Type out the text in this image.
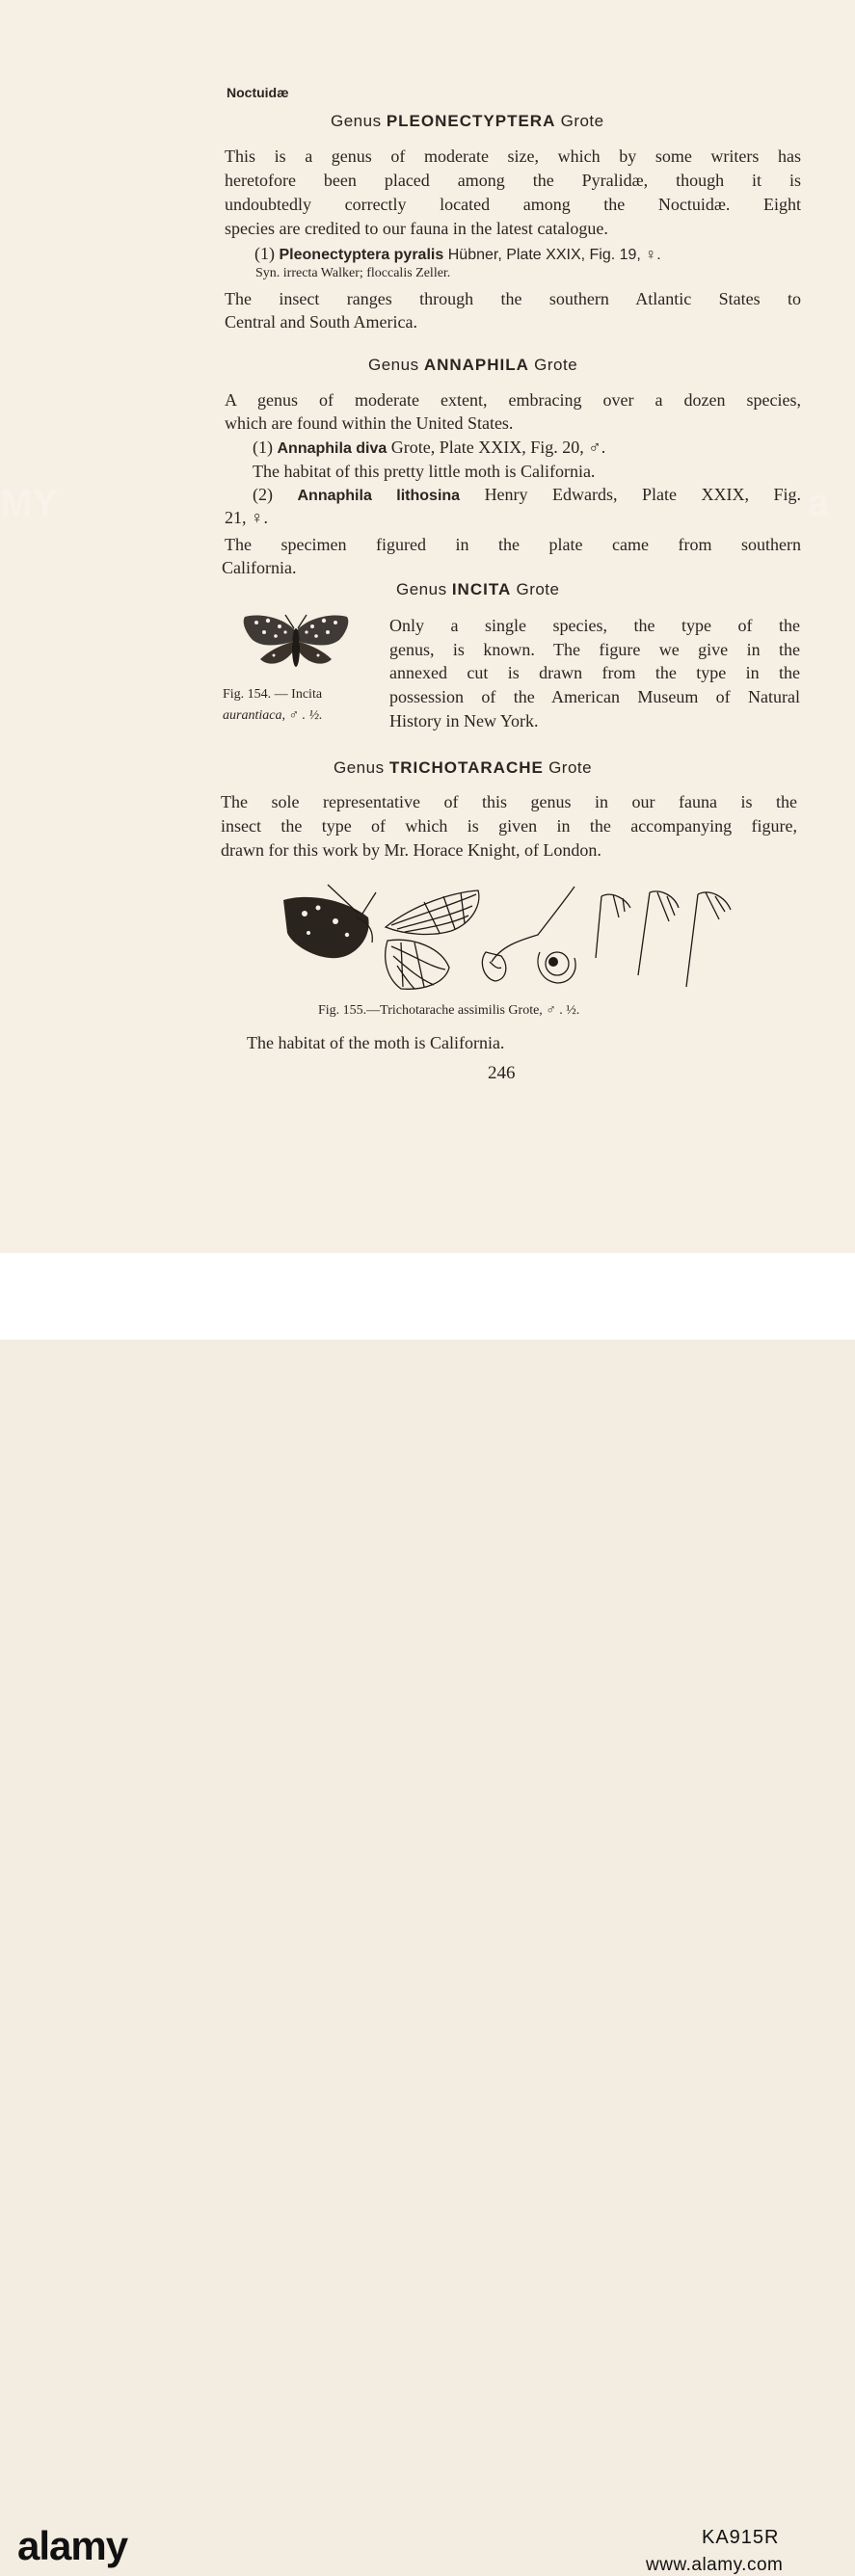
Noctuidæ
Genus PLEONECTYPTERA Grote
This is a genus of moderate size, which by some writers has
heretofore been placed among the Pyralidæ, though it is
undoubtedly correctly located among the Noctuidæ. Eight
species are credited to our fauna in the latest catalogue.
(1) Pleonectyptera pyralis Hübner, Plate XXIX, Fig. 19, ♀.
Syn. irrecta Walker; floccalis Zeller.
The insect ranges through the southern Atlantic States to
Central and South America.
Genus ANNAPHILA Grote
A genus of moderate extent, embracing over a dozen species,
which are found within the United States.
(1) Annaphila diva Grote, Plate XXIX, Fig. 20, ♂.
The habitat of this pretty little moth is California.
(2) Annaphila lithosina Henry Edwards, Plate XXIX, Fig.
21, ♀.
The specimen figured in the plate came from southern
California.
Genus INCITA Grote
Fig. 154. — Incita
aurantiaca, ♂ . ½.
Only a single species, the type of the
genus, is known. The figure we give in the
annexed cut is drawn from the type in the
possession of the American Museum of Natural
History in New York.
Genus TRICHOTARACHE Grote
The sole representative of this genus in our fauna is the
insect the type of which is given in the accompanying figure,
drawn for this work by Mr. Horace Knight, of London.
Fig. 155.—Trichotarache assimilis Grote, ♂ . ½.
The habitat of the moth is California.
246
MY	a
alamy	KA915R
www.alamy.com
